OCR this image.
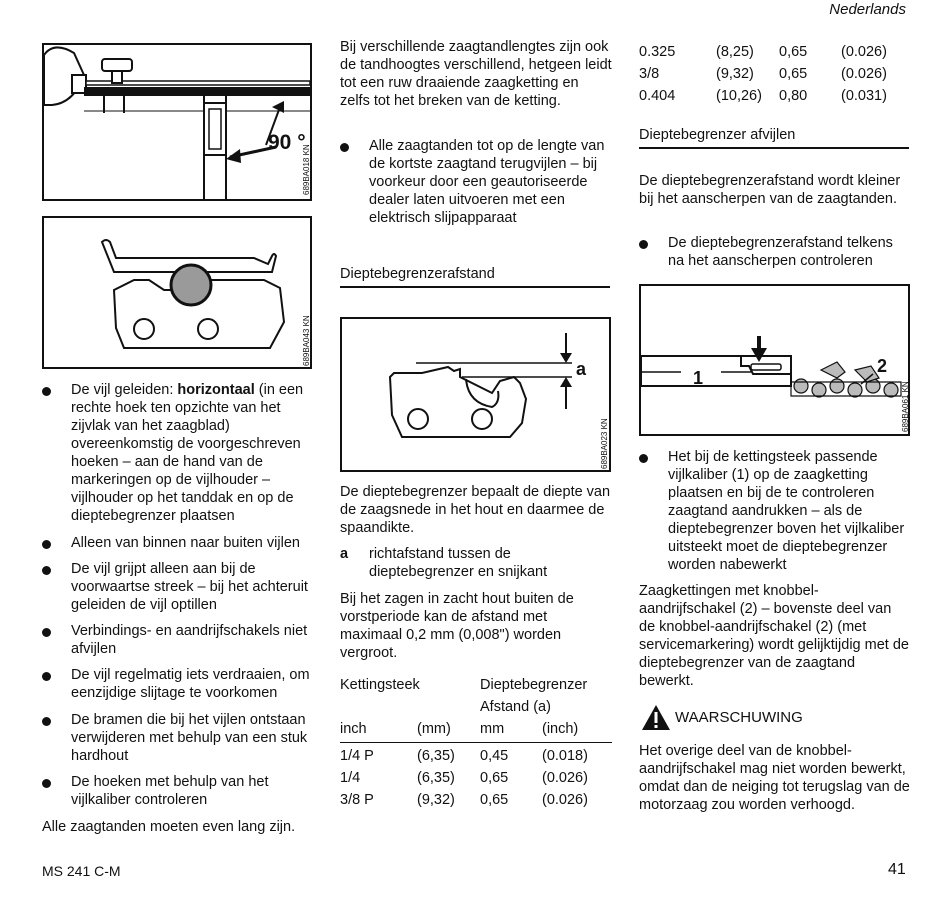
Nederlands
90 °
689BA018 KN
689BA043 KN
De vijl geleiden: horizontaal (in een rechte hoek ten opzichte van het zijvlak van het zaagblad) overeenkomstig de voorgeschreven hoeken – aan de hand van de markeringen op de vijlhouder – vijlhouder op het tanddak en op de dieptebegrenzer plaatsen
Alleen van binnen naar buiten vijlen
De vijl grijpt alleen aan bij de voorwaartse streek – bij het achteruit geleiden de vijl optillen
Verbindings- en aandrijfschakels niet afvijlen
De vijl regelmatig iets verdraaien, om eenzijdige slijtage te voorkomen
De bramen die bij het vijlen ontstaan verwijderen met behulp van een stuk hardhout
De hoeken met behulp van het vijlkaliber controleren
Alle zaagtanden moeten even lang zijn.
Bij verschillende zaagtandlengtes zijn ook de tandhoogtes verschillend, hetgeen leidt tot een ruw draaiende zaagketting en zelfs tot het breken van de ketting.
Alle zaagtanden tot op de lengte van de kortste zaagtand terugvijlen – bij voorkeur door een geautoriseerde dealer laten uitvoeren met een elektrisch slijpapparaat
Dieptebegrenzerafstand
a
689BA023 KN
De dieptebegrenzer bepaalt de diepte van de zaagsnede in het hout en daarmee de spaandikte.
a richtafstand tussen de dieptebegrenzer en snijkant
Bij het zagen in zacht hout buiten de vorstperiode kan de afstand met maximaal 0,2 mm (0,008") worden vergroot.
Kettingsteek		Dieptebegrenzer	
		Afstand (a)	
inch	(mm)	mm	(inch)
1/4 P	(6,35)	0,45	(0.018)
1/4	(6,35)	0,65	(0.026)
3/8 P	(9,32)	0,65	(0.026)
0.325	(8,25)	0,65	(0.026)
3/8	(9,32)	0,65	(0.026)
0.404	(10,26)	0,80	(0.031)
Dieptebegrenzer afvijlen
De dieptebegrenzerafstand wordt kleiner bij het aanscherpen van de zaagtanden.
De dieptebegrenzerafstand telkens na het aanscherpen controleren
1
2
689BA061 KN
Het bij de kettingsteek passende vijlkaliber (1) op de zaagketting plaatsen en bij de te controleren zaagtand aandrukken – als de dieptebegrenzer boven het vijlkaliber uitsteekt moet de dieptebegrenzer worden nabewerkt
Zaagkettingen met knobbel-aandrijfschakel (2) – bovenste deel van de knobbel-aandrijfschakel (2) (met servicemarkering) wordt gelijktijdig met de dieptebegrenzer van de zaagtand bewerkt.
WAARSCHUWING
Het overige deel van de knobbel-aandrijfschakel mag niet worden bewerkt, omdat dan de neiging tot terugslag van de motorzaag zou worden verhoogd.
MS 241 C-M	41
